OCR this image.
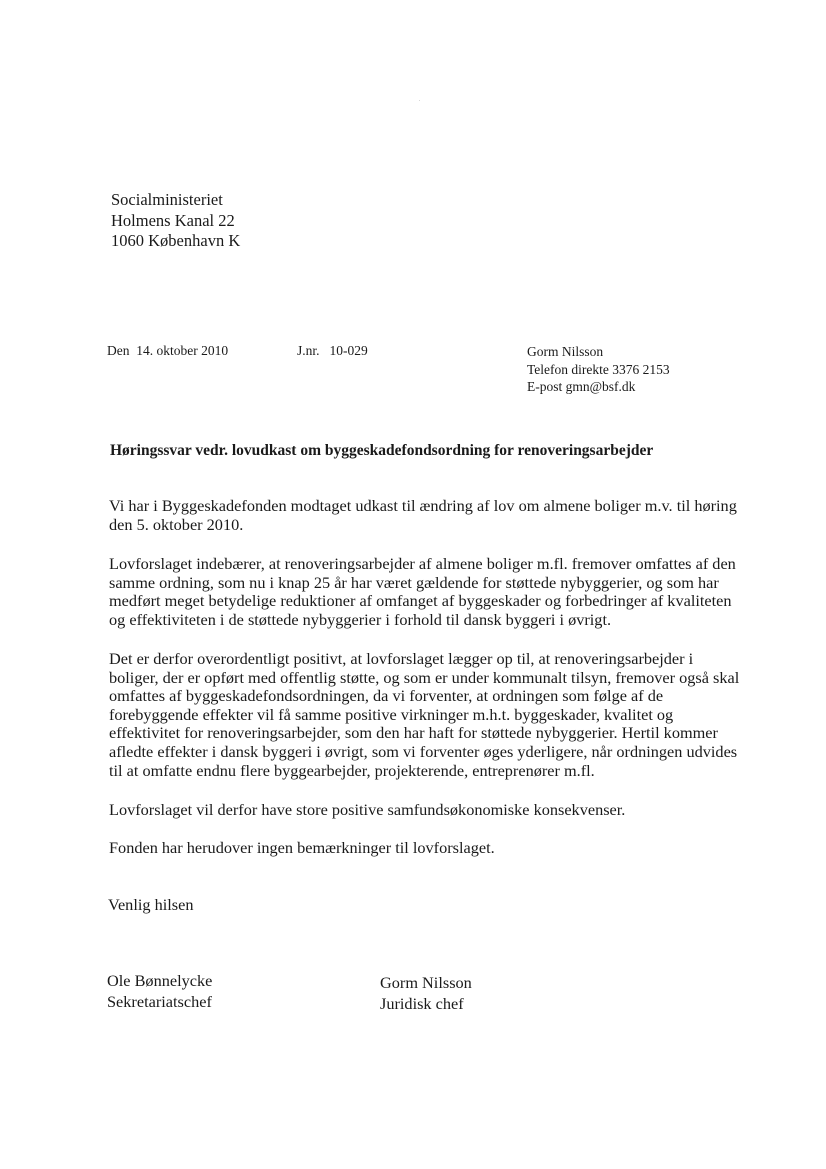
Socialministeriet
Holmens Kanal 22
1060 København K
Den  14. oktober 2010	J.nr. 10-029	Gorm Nilsson
Telefon direkte 3376 2153
E-post gmn@bsf.dk
Høringssvar vedr. lovudkast om byggeskadefondsordning for renoveringsarbejder
Vi har i Byggeskadefonden modtaget udkast til ændring af lov om almene boliger m.v. til høring
den 5. oktober 2010.
Lovforslaget indebærer, at renoveringsarbejder af almene boliger m.fl. fremover omfattes af den
samme ordning, som nu i knap 25 år har været gældende for støttede nybyggerier, og som har
medført meget betydelige reduktioner af omfanget af byggeskader og forbedringer af kvaliteten
og effektiviteten i de støttede nybyggerier i forhold til dansk byggeri i øvrigt.
Det er derfor overordentligt positivt, at lovforslaget lægger op til, at renoveringsarbejder i
boliger, der er opført med offentlig støtte, og som er under kommunalt tilsyn, fremover også skal
omfattes af byggeskadefondsordningen, da vi forventer, at ordningen som følge af de
forebyggende effekter vil få samme positive virkninger m.h.t. byggeskader, kvalitet og
effektivitet for renoveringsarbejder, som den har haft for støttede nybyggerier. Hertil kommer
afledte effekter i dansk byggeri i øvrigt, som vi forventer øges yderligere, når ordningen udvides
til at omfatte endnu flere byggearbejder, projekterende, entreprenører m.fl.
Lovforslaget vil derfor have store positive samfundsøkonomiske konsekvenser.
Fonden har herudover ingen bemærkninger til lovforslaget.
Venlig hilsen
Ole Bønnelycke
Sekretariatschef
Gorm Nilsson
Juridisk chef
